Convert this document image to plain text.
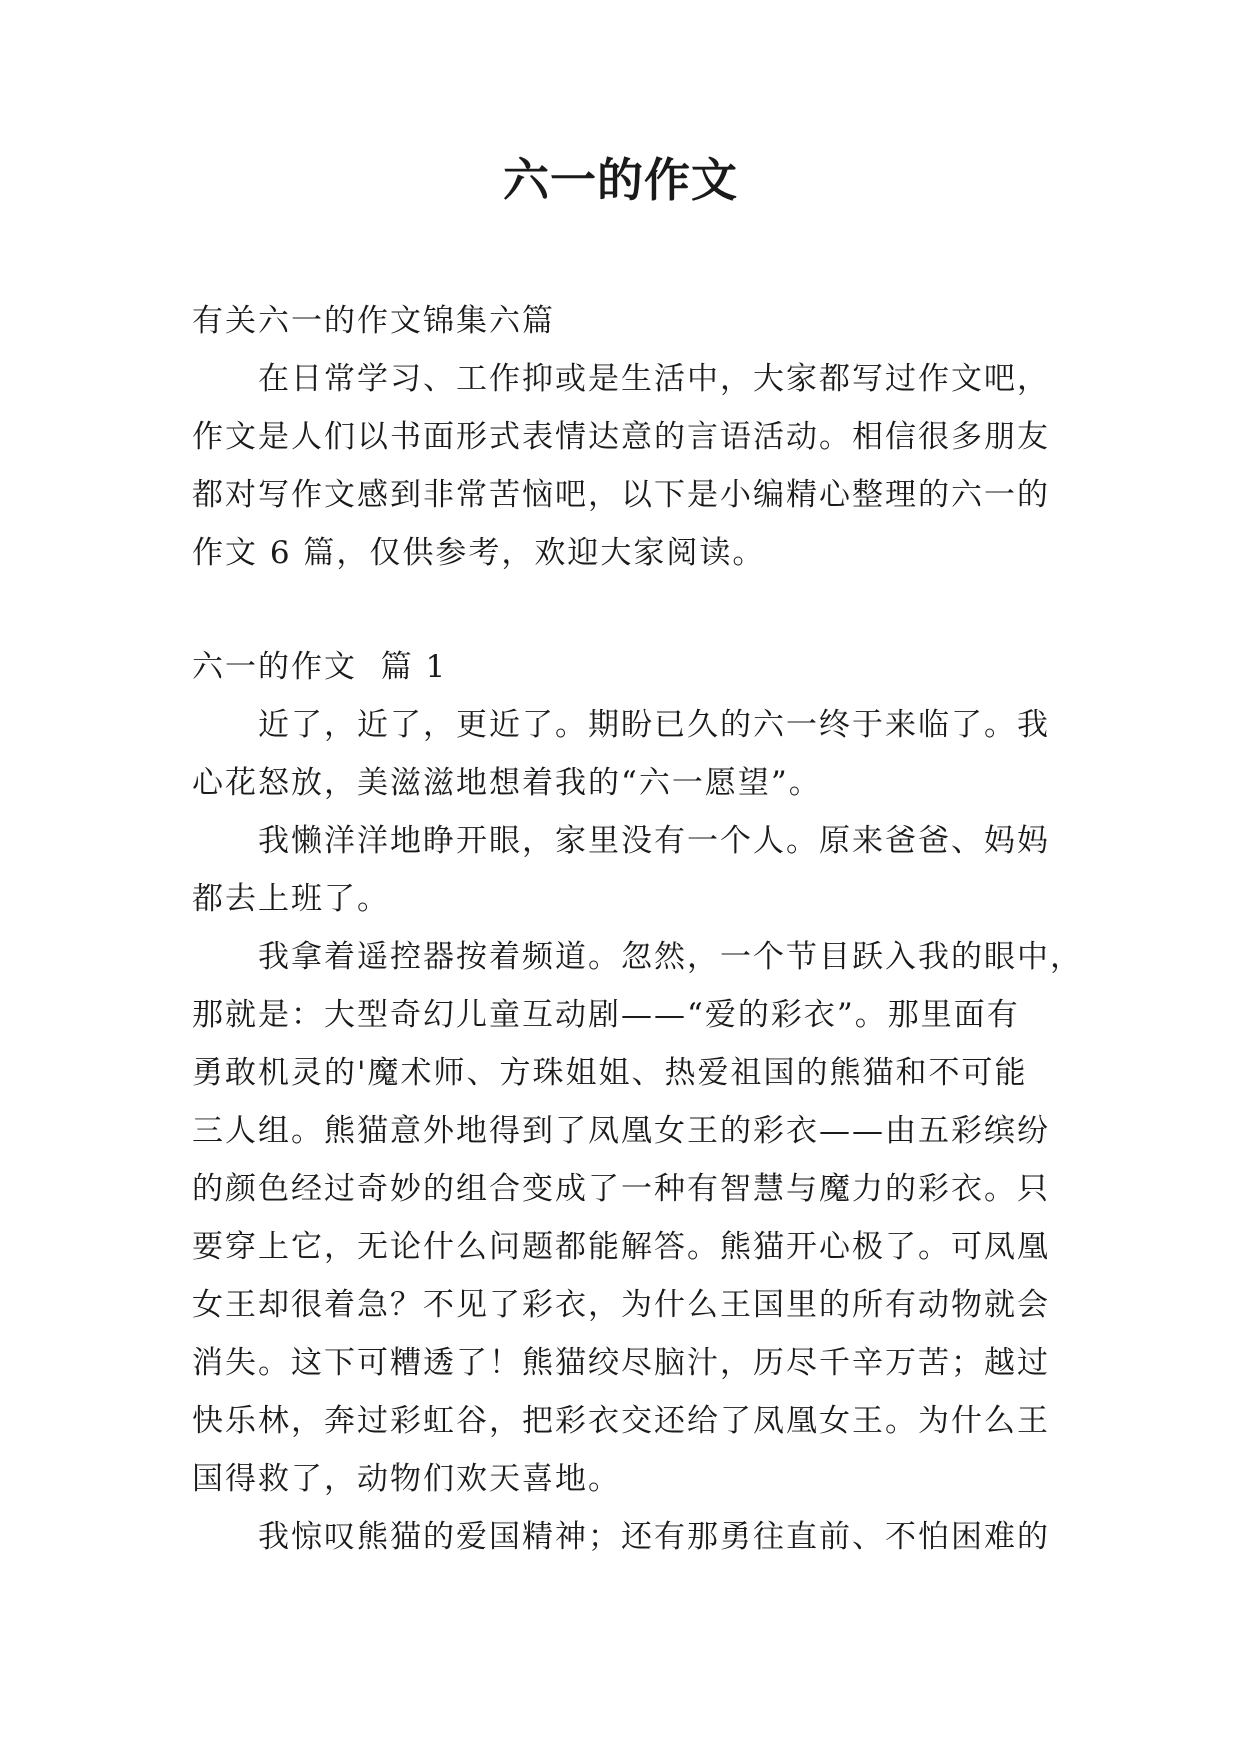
六一的作文
有关六一的作文锦集六篇
在日常学习、工作抑或是生活中，大家都写过作文吧，
作文是人们以书面形式表情达意的言语活动。相信很多朋友
都对写作文感到非常苦恼吧，以下是小编精心整理的六一的
作文 6 篇，仅供参考，欢迎大家阅读。
六一的作文  篇 1
近了，近了，更近了。期盼已久的六一终于来临了。我
心花怒放，美滋滋地想着我的“六一愿望”。
我懒洋洋地睁开眼，家里没有一个人。原来爸爸、妈妈
都去上班了。
我拿着遥控器按着频道。忽然，一个节目跃入我的眼中，
那就是：大型奇幻儿童互动剧——“爱的彩衣”。那里面有
勇敢机灵的'魔术师、方珠姐姐、热爱祖国的熊猫和不可能
三人组。熊猫意外地得到了凤凰女王的彩衣——由五彩缤纷
的颜色经过奇妙的组合变成了一种有智慧与魔力的彩衣。只
要穿上它，无论什么问题都能解答。熊猫开心极了。可凤凰
女王却很着急？不见了彩衣，为什么王国里的所有动物就会
消失。这下可糟透了！熊猫绞尽脑汁，历尽千辛万苦；越过
快乐林，奔过彩虹谷，把彩衣交还给了凤凰女王。为什么王
国得救了，动物们欢天喜地。
我惊叹熊猫的爱国精神；还有那勇往直前、不怕困难的
